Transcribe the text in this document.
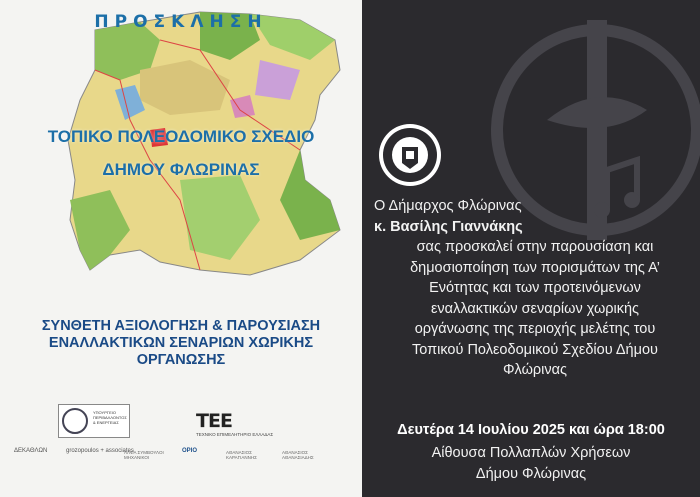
ΠΡΟΣΚΛΗΣΗ
ΤΟΠΙΚΟ ΠΟΛΕΟΔΟΜΙΚΟ ΣΧΕΔΙΟ
ΔΗΜΟΥ ΦΛΩΡΙΝΑΣ
ΣΥΝΘΕΤΗ ΑΞΙΟΛΟΓΗΣΗ & ΠΑΡΟΥΣΙΑΣΗ
ΕΝΑΛΛΑΚΤΙΚΩΝ ΣΕΝΑΡΙΩΝ ΧΩΡΙΚΗΣ
ΟΡΓΑΝΩΣΗΣ
ΥΠΟΥΡΓΕΙΟ ΠΕΡΙΒΑΛΛΟΝΤΟΣ & ΕΝΕΡΓΕΙΑΣ	ΤΕΕ
ΤΕΧΝΙΚΟ ΕΠΙΜΕΛΗΤΗΡΙΟ ΕΛΛΑΔΑΣ
ΔΕΚΑΘΛΩΝ	grozopoulos + associates
ΑΛΦΑ ΣΥΜΒΟΥΛΟΙ ΜΗΧΑΝΙΚΟΙ
ΟΡΙΟ	ΑΘΑΝΑΣΙΟΣ ΚΑΡΑΓΙΑΝΝΗΣ
ΑΘΑΝΑΣΙΟΣ ΑΘΑΝΑΣΙΑΔΗΣ
Ο Δήμαρχος Φλώρινας
κ. Βασίλης Γιαννάκης
σας προσκαλεί στην παρουσίαση και
δημοσιοποίηση των πορισμάτων της Α’
Ενότητας και των προτεινόμενων
εναλλακτικών σεναρίων χωρικής
οργάνωσης της περιοχής μελέτης του
Τοπικού Πολεοδομικού Σχεδίου Δήμου
Φλώρινας
Δευτέρα 14 Ιουλίου 2025 και ώρα 18:00
Αίθουσα Πολλαπλών Χρήσεων
Δήμου Φλώρινας
